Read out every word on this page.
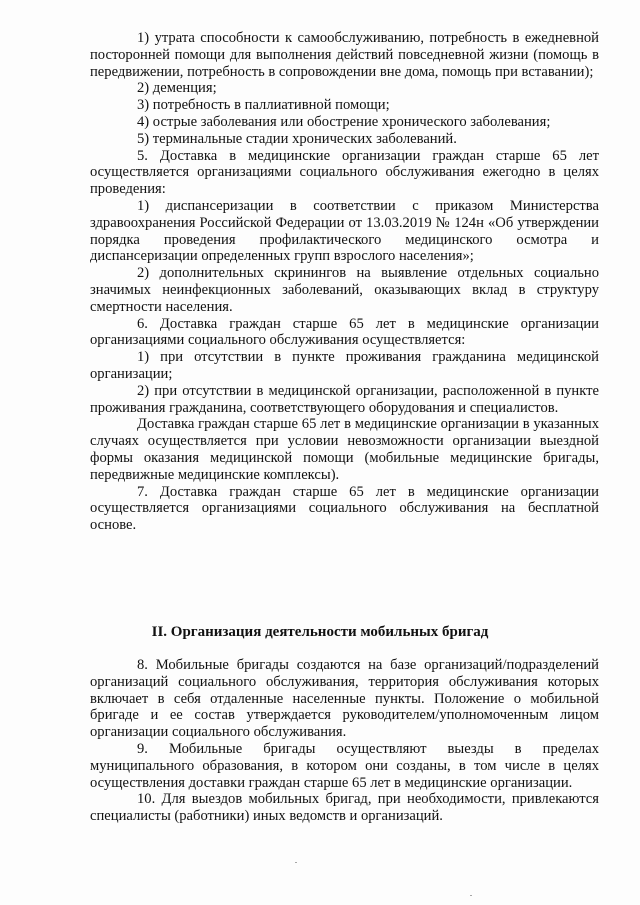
1) утрата способности к самообслуживанию, потребность в ежедневной посторонней помощи для выполнения действий повседневной жизни (помощь в передвижении, потребность в сопровождении вне дома, помощь при вставании);

2) деменция;

3) потребность в паллиативной помощи;

4) острые заболевания или обострение хронического заболевания;

5) терминальные стадии хронических заболеваний.

5. Доставка в медицинские организации граждан старше 65 лет осуществляется организациями социального обслуживания ежегодно в целях проведения:

1) диспансеризации в соответствии с приказом Министерства здравоохранения Российской Федерации от 13.03.2019 № 124н «Об утверждении порядка проведения профилактического медицинского осмотра и диспансеризации определенных групп взрослого населения»;

2) дополнительных скринингов на выявление отдельных социально значимых неинфекционных заболеваний, оказывающих вклад в структуру смертности населения.

6. Доставка граждан старше 65 лет в медицинские организации организациями социального обслуживания осуществляется:

1) при отсутствии в пункте проживания гражданина медицинской организации;

2) при отсутствии в медицинской организации, расположенной в пункте проживания гражданина, соответствующего оборудования и специалистов.

Доставка граждан старше 65 лет в медицинские организации в указанных случаях осуществляется при условии невозможности организации выездной формы оказания медицинской помощи (мобильные медицинские бригады, передвижные медицинские комплексы).

7. Доставка граждан старше 65 лет в медицинские организации осуществляется организациями социального обслуживания на бесплатной основе.

II. Организация деятельности мобильных бригад

8. Мобильные бригады создаются на базе организаций/подразделений организаций социального обслуживания, территория обслуживания которых включает в себя отдаленные населенные пункты. Положение о мобильной бригаде и ее состав утверждается руководителем/уполномоченным лицом организации социального обслуживания.

9. Мобильные бригады осуществляют выезды в пределах муниципального образования, в котором они созданы, в том числе в целях осуществления доставки граждан старше 65 лет в медицинские организации.

10. Для выездов мобильных бригад, при необходимости, привлекаются специалисты (работники) иных ведомств и организаций.
